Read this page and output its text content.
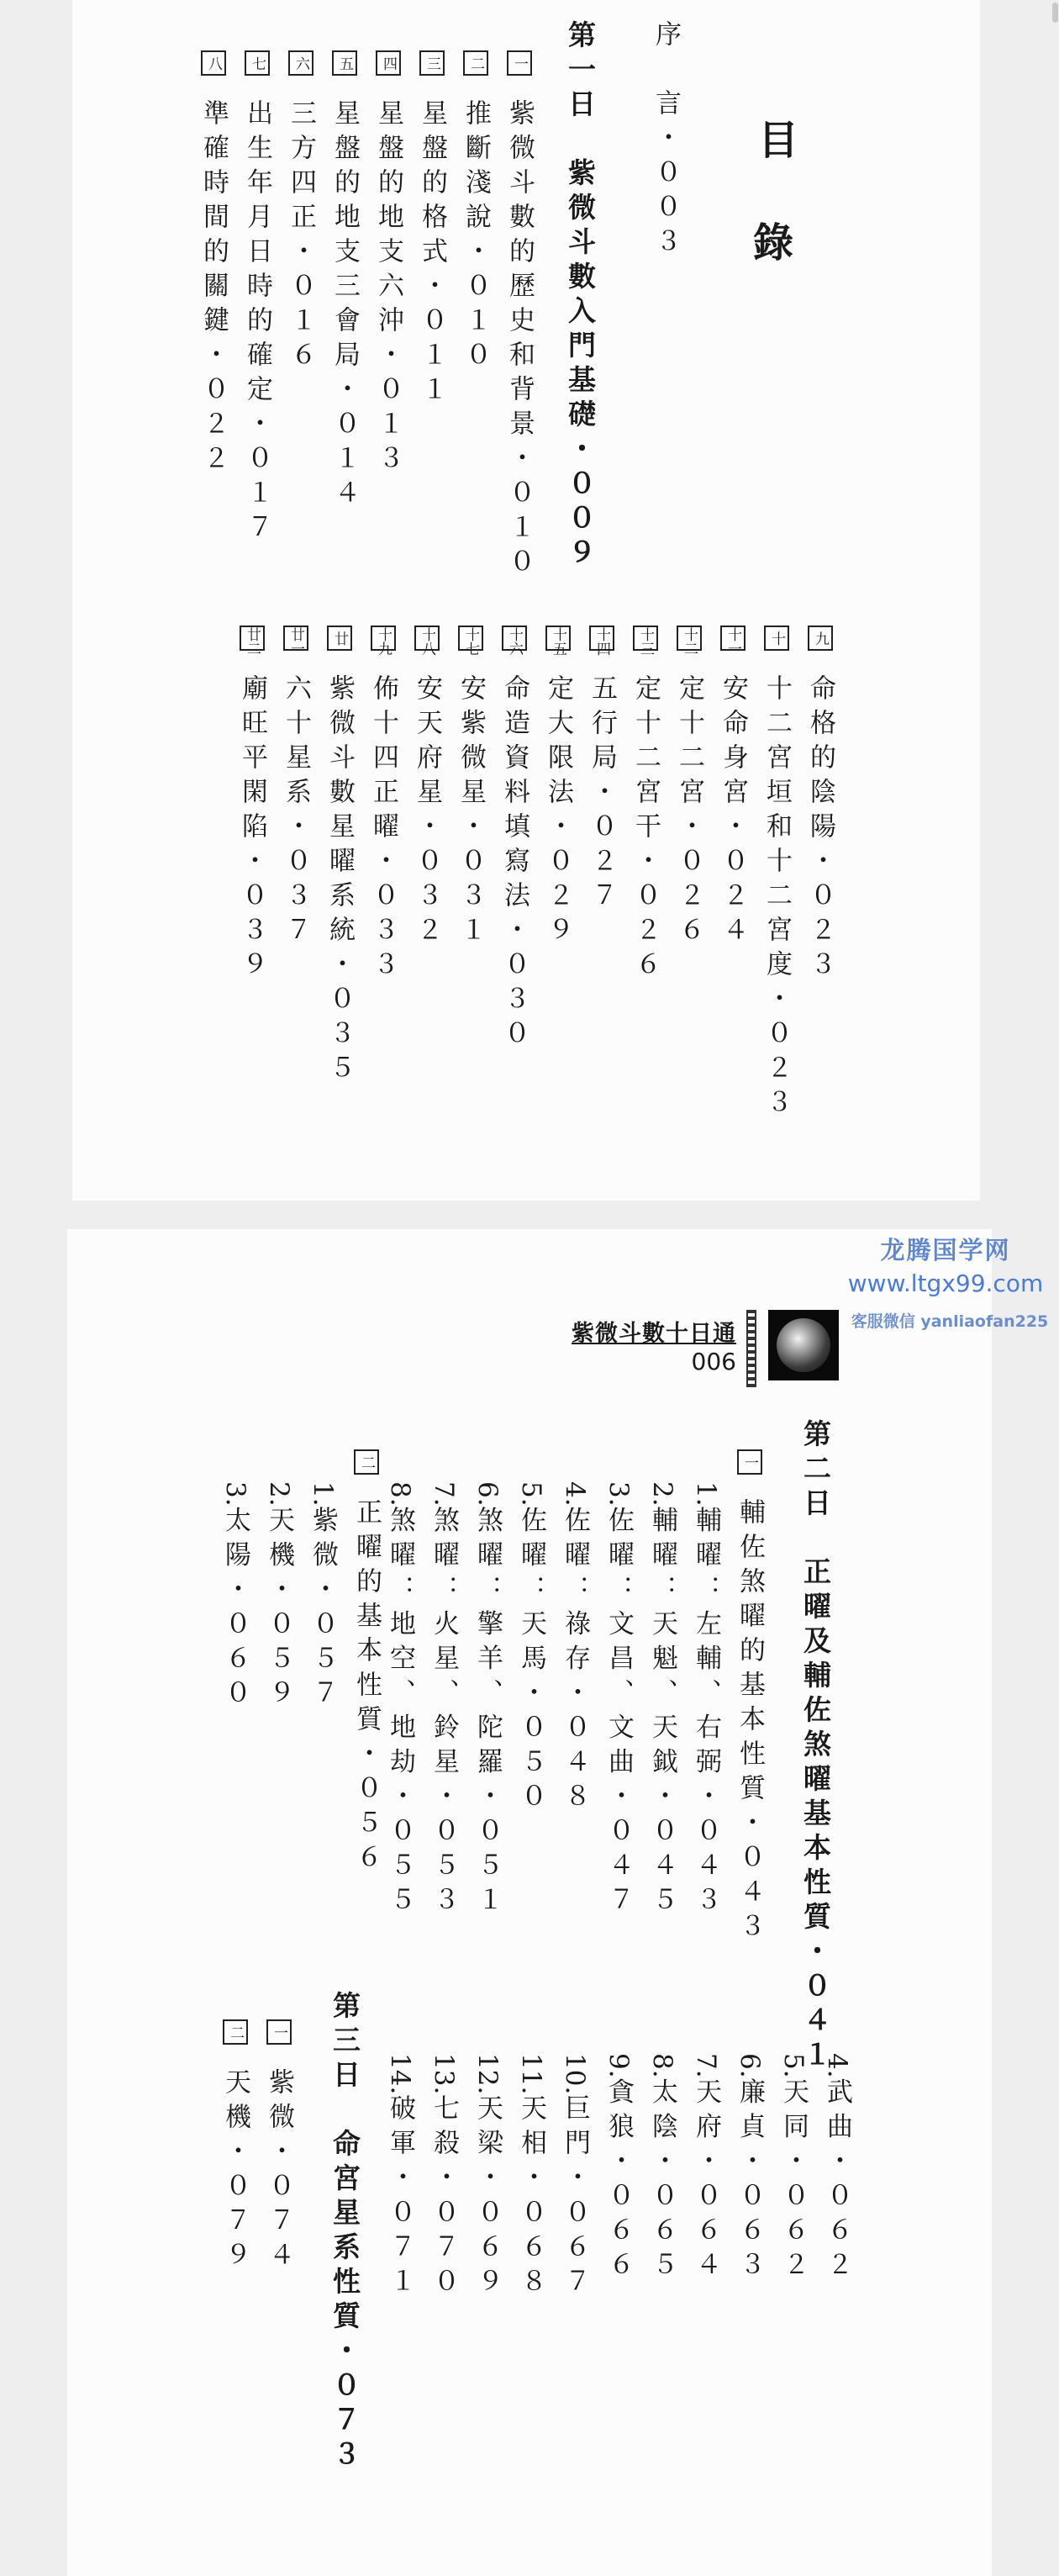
目
錄
序　言・００３
第一日　紫微斗數入門基礎・００９
一紫微斗數的歷史和背景・０１０
二推斷淺說・０１０
三星盤的格式・０１１
四星盤的地支六沖・０１３
五星盤的地支三會局・０１４
六三方四正・０１６
七出生年月日時的確定・０１７
八準確時間的關鍵・０２２
九命格的陰陽・０２３
十十二宮垣和十二宮度・０２３
十一安命身宮・０２４
十二定十二宮・０２６
十三定十二宮干・０２６
十四五行局・０２７
十五定大限法・０２９
十六命造資料填寫法・０３０
十七安紫微星・０３１
十八安天府星・０３２
十九佈十四正曜・０３３
廿紫微斗數星曜系統・０３５
廿一六十星系・０３７
廿二廟旺平閑陷・０３９
紫微斗數十日通
006
第二日　正曜及輔佐煞曜基本性質・０４１
一輔佐煞曜的基本性質・０４３
1.輔曜：左輔、右弼・０４３
2.輔曜：天魁、天鉞・０４５
3.佐曜：文昌、文曲・０４７
4.佐曜：祿存・０４８
5.佐曜：天馬・０５０
6.煞曜：擎羊、陀羅・０５１
7.煞曜：火星、鈴星・０５３
8.煞曜：地空、地劫・０５５
二正曜的基本性質・０５６
1.紫微・０５７
2.天機・０５９
3.太陽・０６０
4.武曲・０６２
5.天同・０６２
6.廉貞・０６３
7.天府・０６４
8.太陰・０６５
9.貪狼・０６６
10.巨門・０６７
11.天相・０６８
12.天梁・０６９
13.七殺・０７０
14.破軍・０７１
第三日　命宮星系性質・０７３
一紫微・０７４
二天機・０７９
龙腾国学网
www.ltgx99.com
客服微信 yanliaofan225
